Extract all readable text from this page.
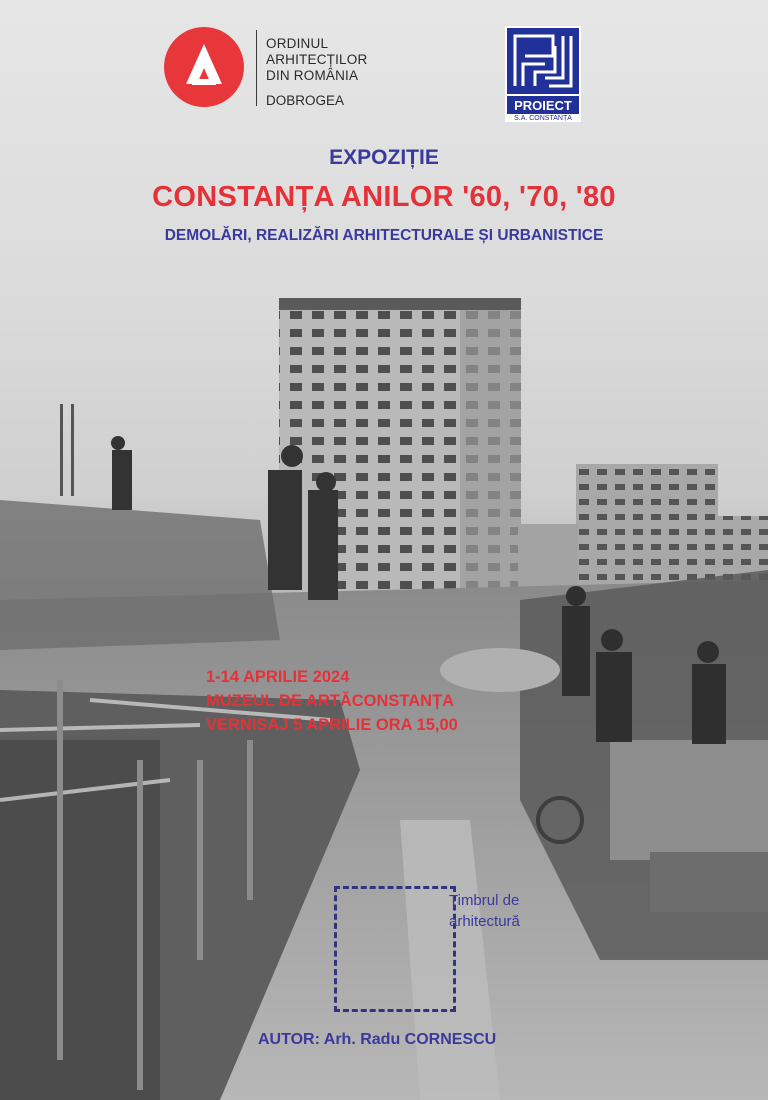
ORDINUL
ARHITECȚILOR
DIN ROMÂNIA
DOBROGEA	PROIECT
S.A. CONSTANȚA
EXPOZIȚIE
CONSTANȚA ANILOR '60, '70, '80
DEMOLĂRI, REALIZĂRI ARHITECTURALE ȘI URBANISTICE
1-14 APRILIE 2024
MUZEUL DE ARTĂCONSTANȚA
VERNISAJ 5 APRILIE ORA 15,00
Timbrul de
arhitectură
AUTOR: Arh. Radu CORNESCU
